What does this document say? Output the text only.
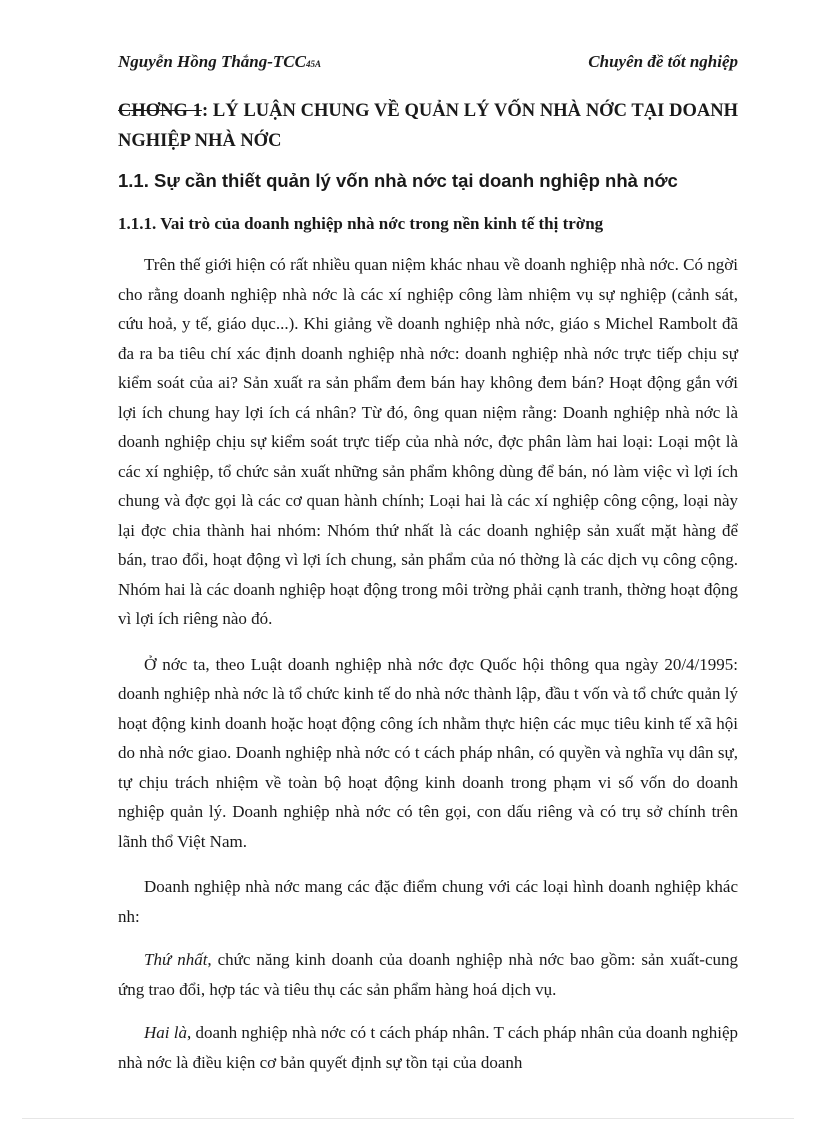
Nguyễn Hồng Thắng-TCC45A	Chuyên đề tốt nghiệp

CHƠNG 1: LÝ LUẬN CHUNG VỀ QUẢN LÝ VỐN NHÀ NỚC TẠI DOANH NGHIỆP NHÀ NỚC

1.1. Sự cần thiết quản lý vốn nhà nớc tại doanh nghiệp nhà nớc
1.1.1. Vai trò của doanh nghiệp nhà nớc trong nền kinh tế thị trờng

Trên thế giới hiện có rất nhiều quan niệm khác nhau về doanh nghiệp nhà nớc. Có ngời cho rằng doanh nghiệp nhà nớc là các xí nghiệp công làm nhiệm vụ sự nghiệp (cảnh sát, cứu hoả, y tế, giáo dục...). Khi giảng về doanh nghiệp nhà nớc, giáo s Michel Rambolt đã đa ra ba tiêu chí xác định doanh nghiệp nhà nớc: doanh nghiệp nhà nớc trực tiếp chịu sự kiểm soát của ai? Sản xuất ra sản phẩm đem bán hay không đem bán? Hoạt động gắn với lợi ích chung hay lợi ích cá nhân? Từ đó, ông quan niệm rằng: Doanh nghiệp nhà nớc là doanh nghiệp chịu sự kiểm soát trực tiếp của nhà nớc, đợc phân làm hai loại: Loại một là các xí nghiệp, tổ chức sản xuất những sản phẩm không dùng để bán, nó làm việc vì lợi ích chung và đợc gọi là các cơ quan hành chính; Loại hai là các xí nghiệp công cộng, loại này lại đợc chia thành hai nhóm: Nhóm thứ nhất là các doanh nghiệp sản xuất mặt hàng để bán, trao đổi, hoạt động vì lợi ích chung, sản phẩm của nó thờng là các dịch vụ công cộng. Nhóm hai là các doanh nghiệp hoạt động trong môi trờng phải cạnh tranh, thờng hoạt động vì lợi ích riêng nào đó.

Ở nớc ta, theo Luật doanh nghiệp nhà nớc đợc Quốc hội thông qua ngày 20/4/1995: doanh nghiệp nhà nớc là tổ chức kinh tế do nhà nớc thành lập, đầu t vốn và tổ chức quản lý hoạt động kinh doanh hoặc hoạt động công ích nhằm thực hiện các mục tiêu kinh tế xã hội do nhà nớc giao. Doanh nghiệp nhà nớc có t cách pháp nhân, có quyền và nghĩa vụ dân sự, tự chịu trách nhiệm về toàn bộ hoạt động kinh doanh trong phạm vi số vốn do doanh nghiệp quản lý. Doanh nghiệp nhà nớc có tên gọi, con dấu riêng và có trụ sở chính trên lãnh thổ Việt Nam.

Doanh nghiệp nhà nớc mang các đặc điểm chung với các loại hình doanh nghiệp khác nh:

Thứ nhất, chức năng kinh doanh của doanh nghiệp nhà nớc bao gồm: sản xuất-cung ứng trao đổi, hợp tác và tiêu thụ các sản phẩm hàng hoá dịch vụ.

Hai là, doanh nghiệp nhà nớc có t cách pháp nhân. T cách pháp nhân của doanh nghiệp nhà nớc là điều kiện cơ bản quyết định sự tồn tại của doanh
